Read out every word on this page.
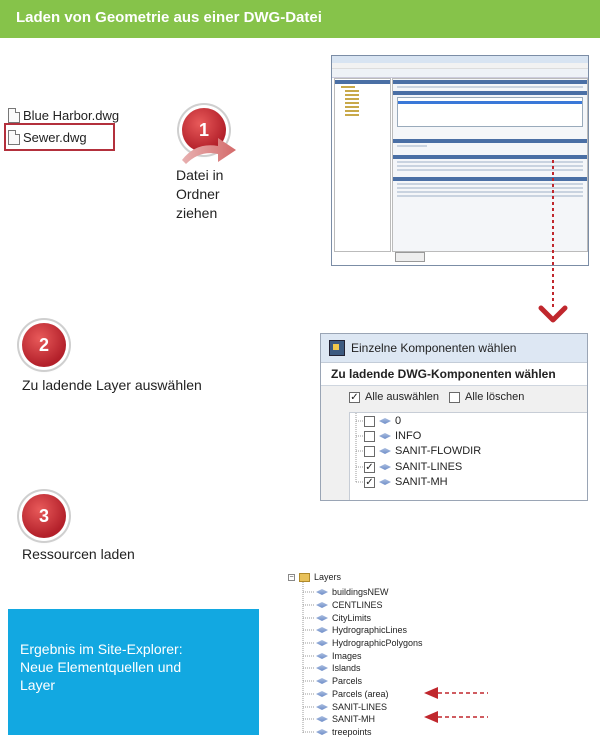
Laden von Geometrie aus einer DWG-Datei
Blue Harbor.dwg
Sewer.dwg	1
Datei in
Ordner
ziehen
2
Zu ladende Layer auswählen
Einzelne Komponenten wählen
Zu ladende DWG-Komponenten wählen
✓ Alle auswählen Alle löschen
0
INFO
SANIT-FLOWDIR
✓ SANIT-LINES
✓ SANIT-MH
3
Ressourcen laden
− Layers
buildingsNEW
CENTLINES
CityLimits
HydrographicLines
HydrographicPolygons
Images
Islands
Parcels
Parcels (area)
SANIT-LINES
SANIT-MH
treepoints
Ergebnis im Site-Explorer:
Neue Elementquellen und
Layer
